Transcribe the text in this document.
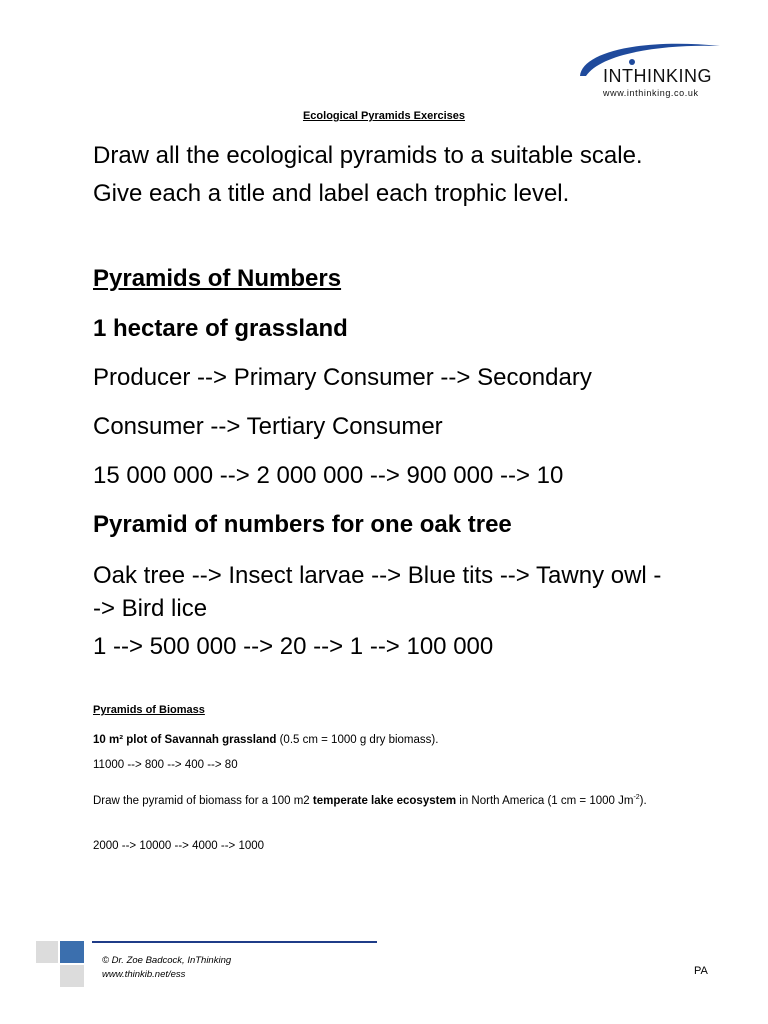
INTHINKING
www.inthinking.co.uk
Ecological Pyramids Exercises
Draw all the ecological pyramids to a suitable scale. Give each a title and label each trophic level.
Pyramids of Numbers
1 hectare of grassland
Producer --> Primary Consumer --> Secondary
Consumer --> Tertiary Consumer
15 000 000 --> 2 000 000 --> 900 000 --> 10
Pyramid of numbers for one oak tree
Oak tree --> Insect larvae --> Blue tits --> Tawny owl --> Bird lice
1 --> 500 000 --> 20 --> 1 --> 100 000
Pyramids of Biomass
10 m² plot of Savannah grassland (0.5 cm = 1000 g dry biomass).
11000 --> 800 --> 400 --> 80
Draw the pyramid of biomass for a 100 m2 temperate lake ecosystem in North America (1 cm = 1000 $Jm^{-2}$).
2000 --> 10000 --> 4000 --> 1000
© Dr. Zoe Badcock, InThinking
www.thinkib.net/ess	PA
